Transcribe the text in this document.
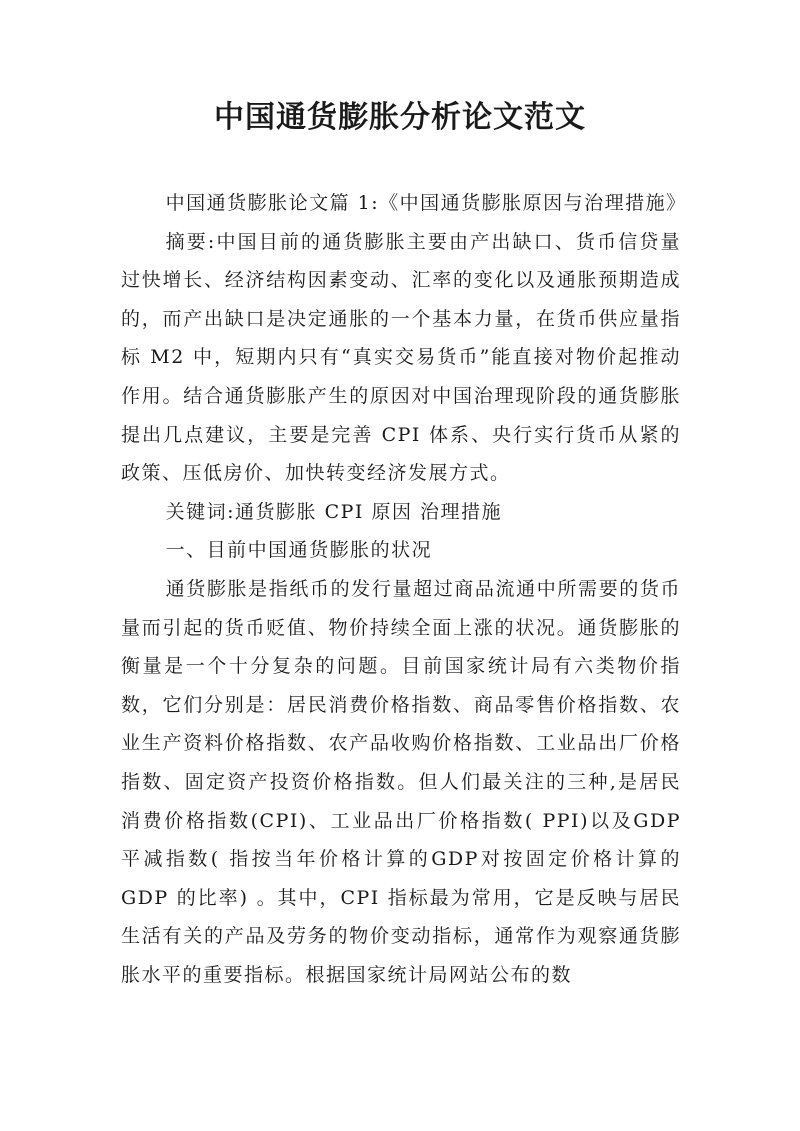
中国通货膨胀分析论文范文

中国通货膨胀论文篇 1:《中国通货膨胀原因与治理措施》

摘要:中国目前的通货膨胀主要由产出缺口、货币信贷量过快增长、经济结构因素变动、汇率的变化以及通胀预期造成的，而产出缺口是决定通胀的一个基本力量，在货币供应量指标 M2 中，短期内只有“真实交易货币”能直接对物价起推动作用。结合通货膨胀产生的原因对中国治理现阶段的通货膨胀提出几点建议，主要是完善 CPI 体系、央行实行货币从紧的政策、压低房价、加快转变经济发展方式。

关键词:通货膨胀 CPI 原因 治理措施

一、目前中国通货膨胀的状况

通货膨胀是指纸币的发行量超过商品流通中所需要的货币量而引起的货币贬值、物价持续全面上涨的状况。通货膨胀的衡量是一个十分复杂的问题。目前国家统计局有六类物价指数，它们分别是：居民消费价格指数、商品零售价格指数、农业生产资料价格指数、农产品收购价格指数、工业品出厂价格指数、固定资产投资价格指数。但人们最关注的三种,是居民消费价格指数(CPI)、工业品出厂价格指数( PPI)以及GDP 平减指数( 指按当年价格计算的GDP对按固定价格计算的GDP 的比率) 。其中，CPI 指标最为常用，它是反映与居民生活有关的产品及劳务的物价变动指标，通常作为观察通货膨胀水平的重要指标。根据国家统计局网站公布的数
